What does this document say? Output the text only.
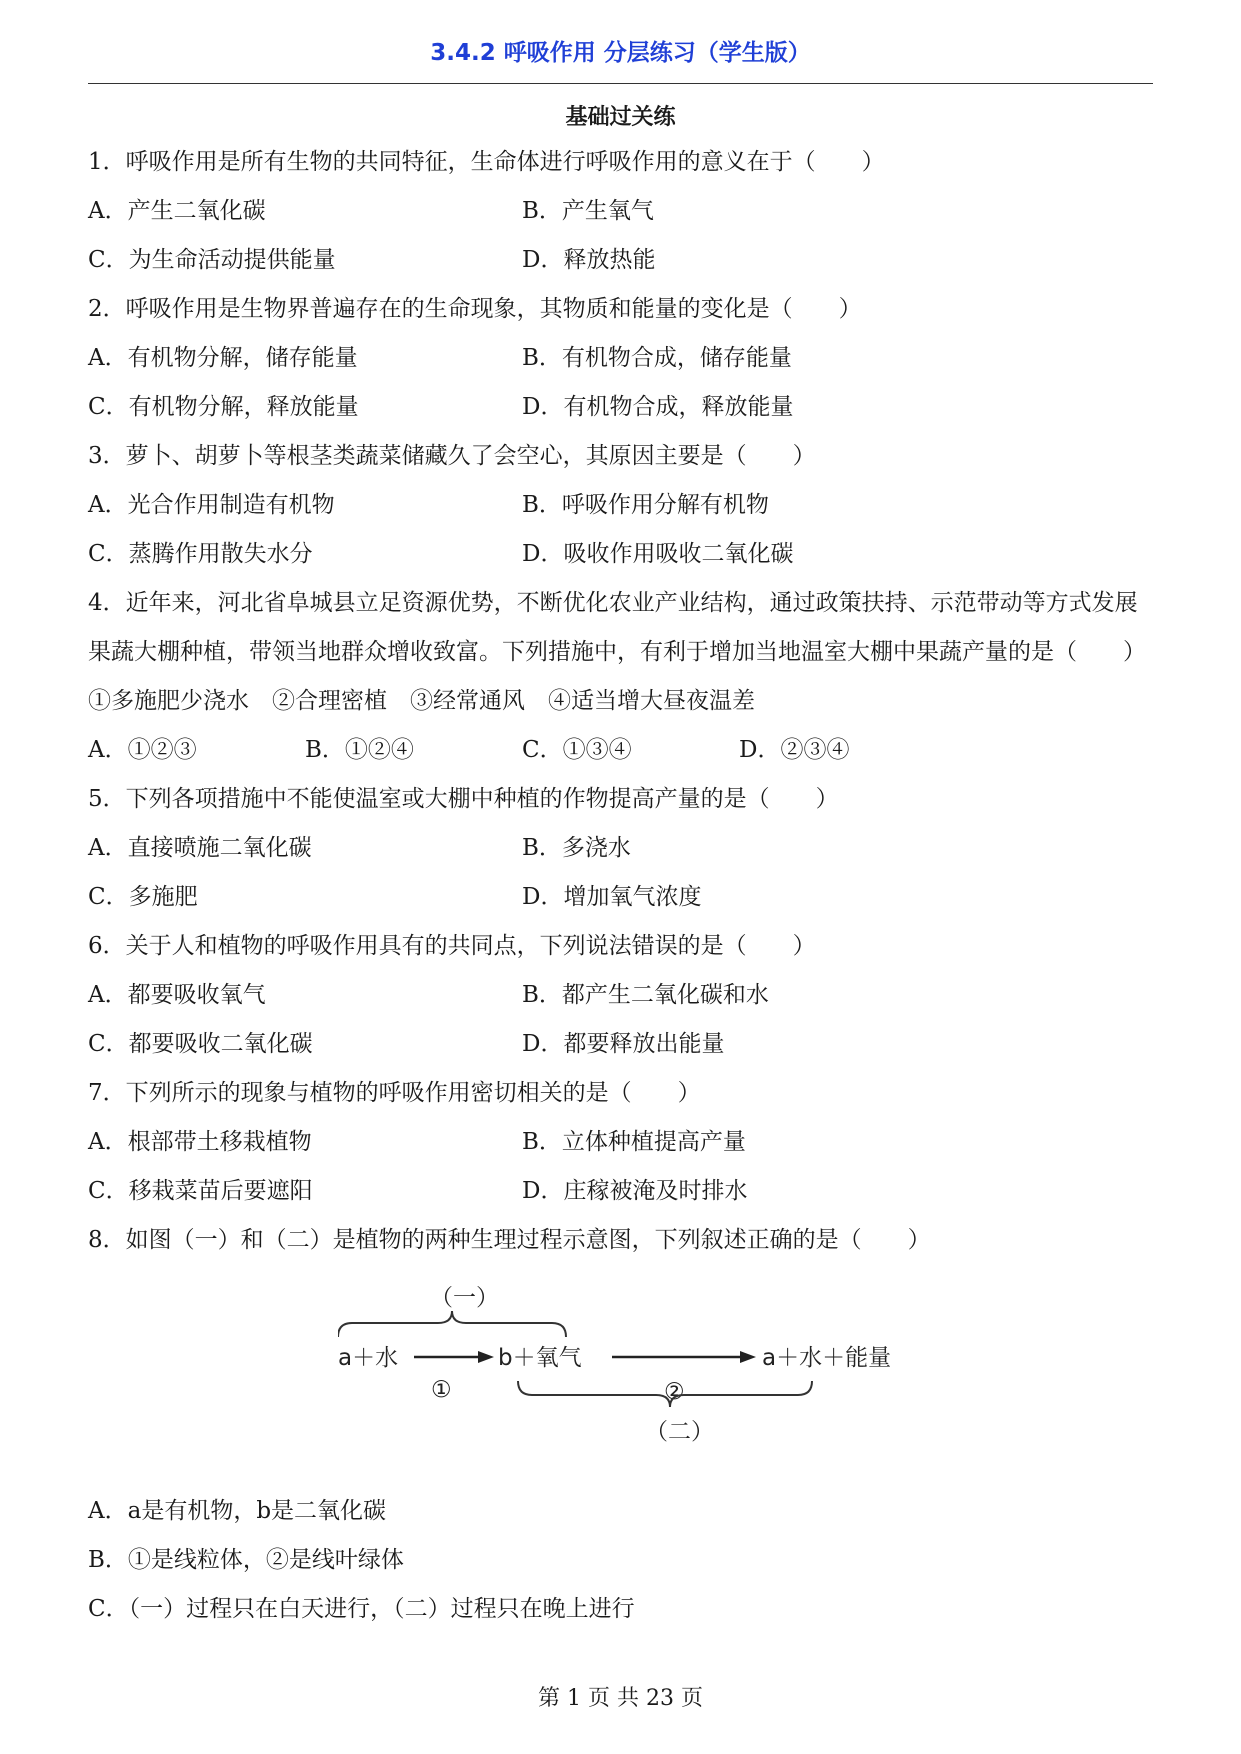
3.4.2 呼吸作用 分层练习（学生版）
基础过关练
1．呼吸作用是所有生物的共同特征，生命体进行呼吸作用的意义在于（　　）
A．产生二氧化碳	B．产生氧气
C．为生命活动提供能量	D．释放热能
2．呼吸作用是生物界普遍存在的生命现象，其物质和能量的变化是（　　）
A．有机物分解，储存能量	B．有机物合成，储存能量
C．有机物分解，释放能量	D．有机物合成，释放能量
3．萝卜、胡萝卜等根茎类蔬菜储藏久了会空心，其原因主要是（　　）
A．光合作用制造有机物	B．呼吸作用分解有机物
C．蒸腾作用散失水分	D．吸收作用吸收二氧化碳
4．近年来，河北省阜城县立足资源优势，不断优化农业产业结构，通过政策扶持、示范带动等方式发展果蔬大棚种植，带领当地群众增收致富。下列措施中，有利于增加当地温室大棚中果蔬产量的是（　　）
①多施肥少浇水　②合理密植　③经常通风　④适当增大昼夜温差
A．①②③	B．①②④	C．①③④	D．②③④
5．下列各项措施中不能使温室或大棚中种植的作物提高产量的是（　　）
A．直接喷施二氧化碳	B．多浇水
C．多施肥	D．增加氧气浓度
6．关于人和植物的呼吸作用具有的共同点，下列说法错误的是（　　）
A．都要吸收氧气	B．都产生二氧化碳和水
C．都要吸收二氧化碳	D．都要释放出能量
7．下列所示的现象与植物的呼吸作用密切相关的是（　　）
A．根部带土移栽植物	B．立体种植提高产量
C．移栽菜苗后要遮阳	D．庄稼被淹及时排水
8．如图（一）和（二）是植物的两种生理过程示意图，下列叙述正确的是（　　）
（一）
a＋水
①
b＋氧气
②
a＋水＋能量
（二）
A．a是有机物，b是二氧化碳
B．①是线粒体，②是线叶绿体
C．（一）过程只在白天进行，（二）过程只在晚上进行
第 1 页 共 23 页
